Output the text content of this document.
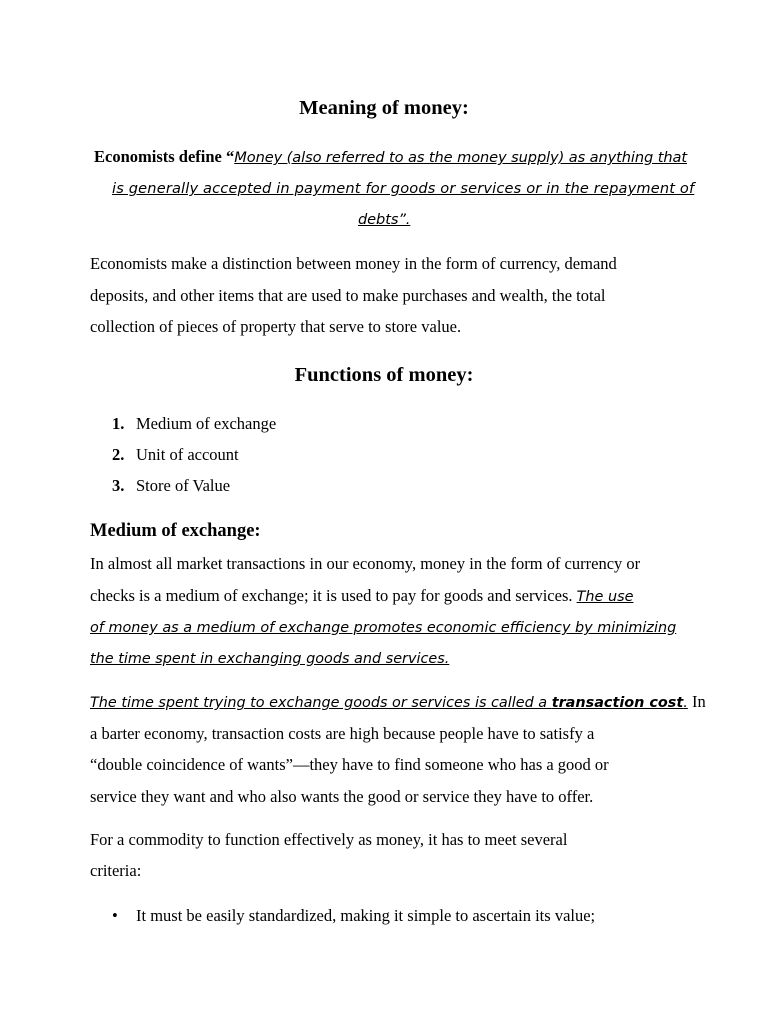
Meaning of money:
Economists define “Money (also referred to as the money supply) as anything that
is generally accepted in payment for goods or services or in the repayment of
debts”.
Economists make a distinction between money in the form of currency, demand
deposits, and other items that are used to make purchases and wealth, the total
collection of pieces of property that serve to store value.
Functions of money:
1. Medium of exchange
2. Unit of account
3. Store of Value
Medium of exchange:
In almost all market transactions in our economy, money in the form of currency or
checks is a medium of exchange; it is used to pay for goods and services. The use
of money as a medium of exchange promotes economic efficiency by minimizing
the time spent in exchanging goods and services.
The time spent trying to exchange goods or services is called a transaction cost. In
a barter economy, transaction costs are high because people have to satisfy a
“double coincidence of wants”—they have to find someone who has a good or
service they want and who also wants the good or service they have to offer.
For a commodity to function effectively as money, it has to meet several
criteria:
• It must be easily standardized, making it simple to ascertain its value;
